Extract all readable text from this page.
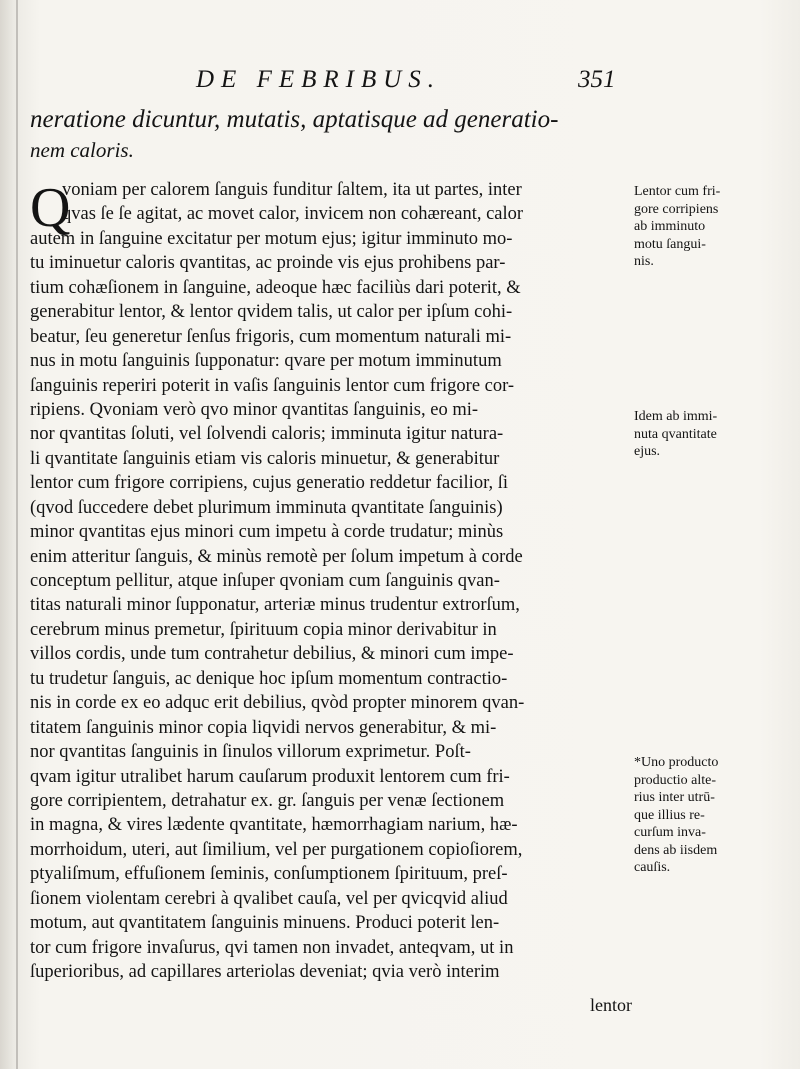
DE FEBRIBUS.	351
neratione dicuntur, mutatis, aptatisque ad generatio-
nem caloris.
Q
voniam per calorem ſanguis funditur ſaltem, ita ut partes, inter
qvas ſe ſe agitat, ac movet calor, invicem non cohæreant, calor
autem in ſanguine excitatur per motum ejus; igitur imminuto mo-
tu iminuetur caloris qvantitas, ac proinde vis ejus prohibens par-
tium cohæſionem in ſanguine, adeoque hæc faciliùs dari poterit, &
generabitur lentor, & lentor qvidem talis, ut calor per ipſum cohi-
beatur, ſeu generetur ſenſus frigoris, cum momentum naturali mi-
nus in motu ſanguinis ſupponatur: qvare per motum imminutum
ſanguinis reperiri poterit in vaſis ſanguinis lentor cum frigore cor-
ripiens. Qvoniam verò qvo minor qvantitas ſanguinis, eo mi-
nor qvantitas ſoluti, vel ſolvendi caloris; imminuta igitur natura-
li qvantitate ſanguinis etiam vis caloris minuetur, & generabitur
lentor cum frigore corripiens, cujus generatio reddetur facilior, ſi
(qvod ſuccedere debet plurimum imminuta qvantitate ſanguinis)
minor qvantitas ejus minori cum impetu à corde trudatur; minùs
enim atteritur ſanguis, & minùs remotè per ſolum impetum à corde
conceptum pellitur, atque inſuper qvoniam cum ſanguinis qvan-
titas naturali minor ſupponatur, arteriæ minus trudentur extrorſum,
cerebrum minus premetur, ſpirituum copia minor derivabitur in
villos cordis, unde tum contrahetur debilius, & minori cum impe-
tu trudetur ſanguis, ac denique hoc ipſum momentum contractio-
nis in corde ex eo adquc erit debilius, qvòd propter minorem qvan-
titatem ſanguinis minor copia liqvidi nervos generabitur, & mi-
nor qvantitas ſanguinis in ſinulos villorum exprimetur. Poſt-
qvam igitur utralibet harum cauſarum produxit lentorem cum fri-
gore corripientem, detrahatur ex. gr. ſanguis per venæ ſectionem
in magna, & vires lædente qvantitate, hæmorrhagiam narium, hæ-
morrhoidum, uteri, aut ſimilium, vel per purgationem copioſiorem,
ptyaliſmum, effuſionem ſeminis, conſumptionem ſpirituum, preſ-
ſionem violentam cerebri à qvalibet cauſa, vel per qvicqvid aliud
motum, aut qvantitatem ſanguinis minuens. Produci poterit len-
tor cum frigore invaſurus, qvi tamen non invadet, anteqvam, ut in
ſuperioribus, ad capillares arteriolas deveniat; qvia verò interim
Lentor cum fri-
gore corripiens
ab imminuto
motu ſangui-
nis.
Idem ab immi-
nuta qvantitate
ejus.
*Uno producto
productio alte-
rius inter utrū-
que illius re-
curſum inva-
dens ab iisdem
cauſis.
lentor
